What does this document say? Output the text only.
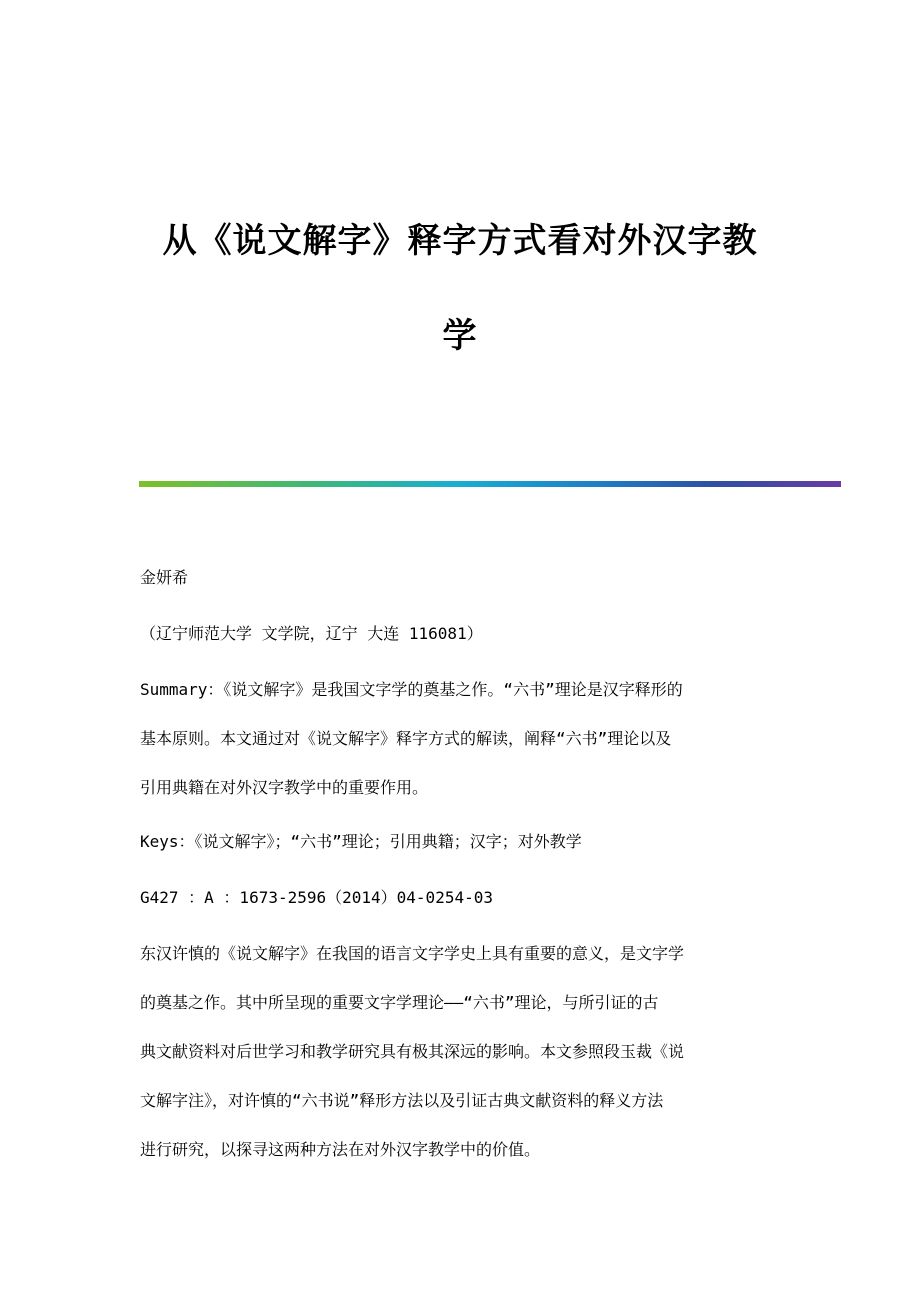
从《说文解字》释字方式看对外汉字教
学
金妍希
（辽宁师范大学 文学院，辽宁 大连 116081）
Summary：《说文解字》是我国文字学的奠基之作。“六书”理论是汉字释形的
基本原则。本文通过对《说文解字》释字方式的解读，阐释“六书”理论以及
引用典籍在对外汉字教学中的重要作用。
Keys：《说文解字》；“六书”理论；引用典籍；汉字；对外教学
G427 ：A ：1673-2596（2014）04-0254-03
东汉许慎的《说文解字》在我国的语言文字学史上具有重要的意义，是文字学
的奠基之作。其中所呈现的重要文字学理论——“六书”理论，与所引证的古
典文献资料对后世学习和教学研究具有极其深远的影响。本文参照段玉裁《说
文解字注》，对许慎的“六书说”释形方法以及引证古典文献资料的释义方法
进行研究，以探寻这两种方法在对外汉字教学中的价值。
